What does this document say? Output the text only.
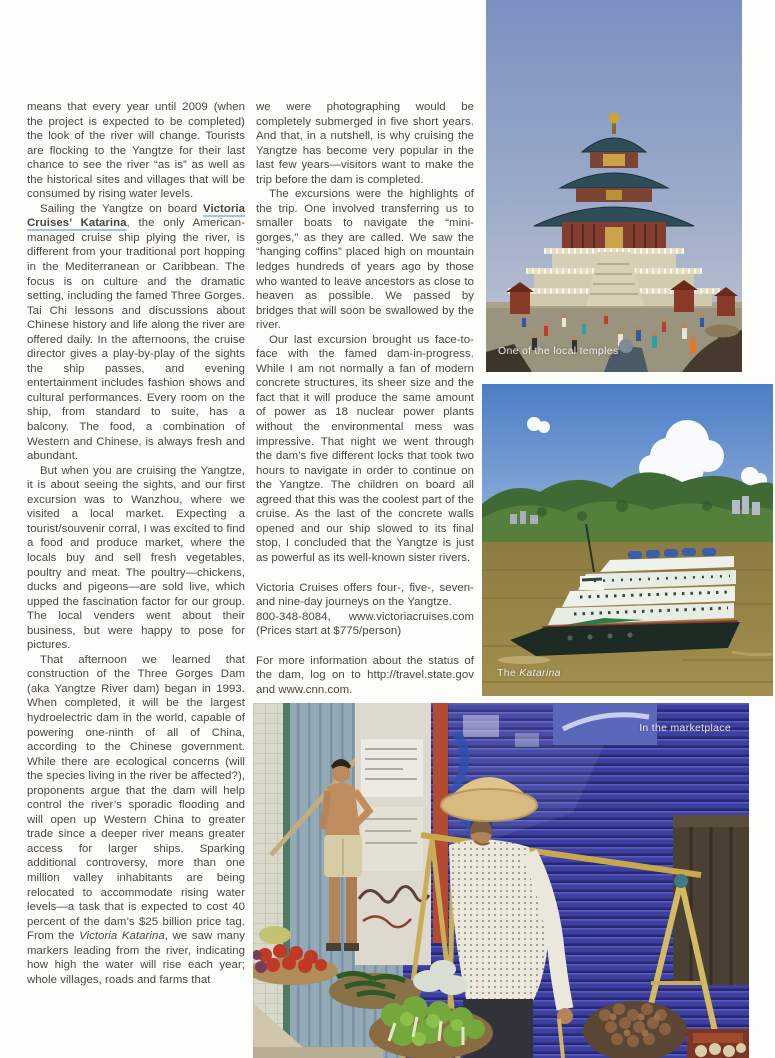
means that every year until 2009 (when the project is expected to be completed) the look of the river will change. Tourists are flocking to the Yangtze for their last chance to see the river “as is” as well as the historical sites and villages that will be consumed by rising water levels.

Sailing the Yangtze on board Victoria Cruises’ Katarina, the only American-managed cruise ship plying the river, is different from your traditional port hopping in the Mediterranean or Caribbean. The focus is on culture and the dramatic setting, including the famed Three Gorges. Tai Chi lessons and discussions about Chinese history and life along the river are offered daily. In the afternoons, the cruise director gives a play-by-play of the sights the ship passes, and evening entertainment includes fashion shows and cultural performances. Every room on the ship, from standard to suite, has a balcony. The food, a combination of Western and Chinese, is always fresh and abundant.

But when you are cruising the Yangtze, it is about seeing the sights, and our first excursion was to Wanzhou, where we visited a local market. Expecting a tourist/souvenir corral, I was excited to find a food and produce market, where the locals buy and sell fresh vegetables, poultry and meat. The poultry—chickens, ducks and pigeons—are sold live, which upped the fascination factor for our group. The local venders went about their business, but were happy to pose for pictures.

That afternoon we learned that construction of the Three Gorges Dam (aka Yangtze River dam) began in 1993. When completed, it will be the largest hydroelectric dam in the world, capable of powering one-ninth of all of China, according to the Chinese government. While there are ecological concerns (will the species living in the river be affected?), proponents argue that the dam will help control the river’s sporadic flooding and will open up Western China to greater trade since a deeper river means greater access for larger ships. Sparking additional controversy, more than one million valley inhabitants are being relocated to accommodate rising water levels—a task that is expected to cost 40 percent of the dam’s $25 billion price tag. From the Victoria Katarina, we saw many markers leading from the river, indicating how high the water will rise each year; whole villages, roads and farms that

we were photographing would be completely submerged in five short years. And that, in a nutshell, is why cruising the Yangtze has become very popular in the last few years—visitors want to make the trip before the dam is completed.

The excursions were the highlights of the trip. One involved transferring us to smaller boats to navigate the “mini-gorges,” as they are called. We saw the “hanging coffins” placed high on mountain ledges hundreds of years ago by those who wanted to leave ancestors as close to heaven as possible. We passed by bridges that will soon be swallowed by the river.

Our last excursion brought us face-to-face with the famed dam-in-progress. While I am not normally a fan of modern concrete structures, its sheer size and the fact that it will produce the same amount of power as 18 nuclear power plants without the environmental mess was impressive. That night we went through the dam’s five different locks that took two hours to navigate in order to continue on the Yangtze. The children on board all agreed that this was the coolest part of the cruise. As the last of the concrete walls opened and our ship slowed to its final stop, I concluded that the Yangtze is just as powerful as its well-known sister rivers.

Victoria Cruises offers four-, five-, seven- and nine-day journeys on the Yangtze.

800-348-8084, www.victoriacruises.com

(Prices start at $775/person)

For more information about the status of the dam, log on to http://travel.state.gov and www.cnn.com.

One of the local temples
The Katarina
In the marketplace
